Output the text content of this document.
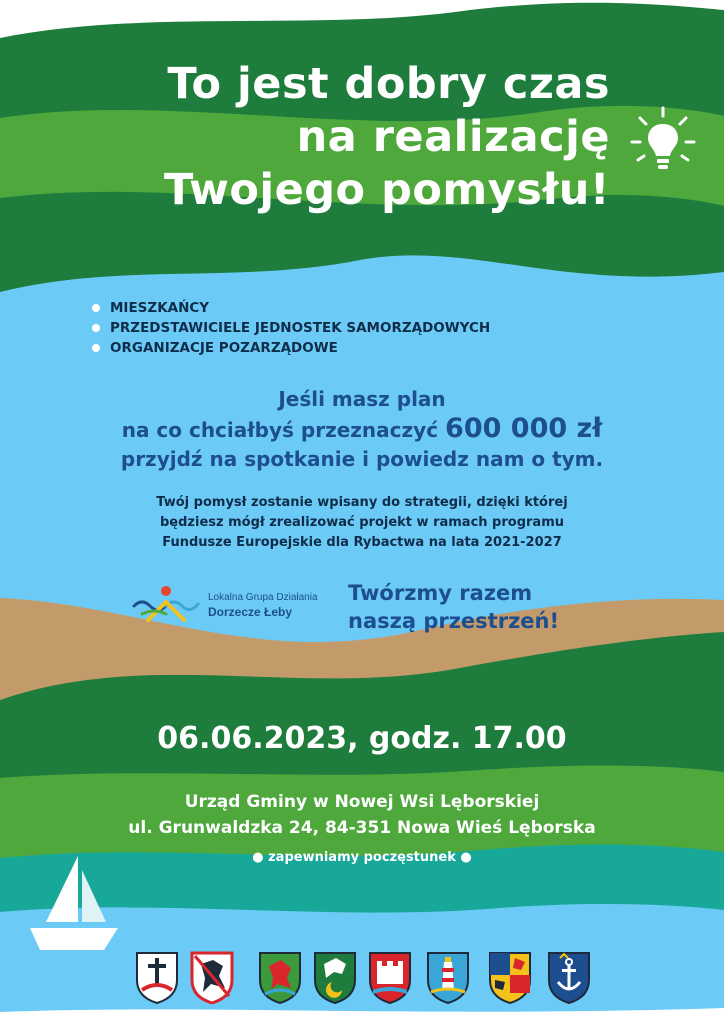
To jest dobry czas
na realizację
Twojego pomysłu!
MIESZKAŃCY
PRZEDSTAWICIELE JEDNOSTEK SAMORZĄDOWYCH
ORGANIZACJE POZARZĄDOWE
Jeśli masz plan
na co chciałbyś przeznaczyć 600 000 zł
przyjdź na spotkanie i powiedz nam o tym.
Twój pomysł zostanie wpisany do strategii, dzięki której
będziesz mógł zrealizować projekt w ramach programu
Fundusze Europejskie dla Rybactwa na lata 2021-2027
Lokalna Grupa Działania
Dorzecze Łeby
Twórzmy razem
naszą przestrzeń!
06.06.2023, godz. 17.00
Urząd Gminy w Nowej Wsi Lęborskiej
ul. Grunwaldzka 24, 84-351 Nowa Wieś Lęborska
● zapewniamy poczęstunek ●
